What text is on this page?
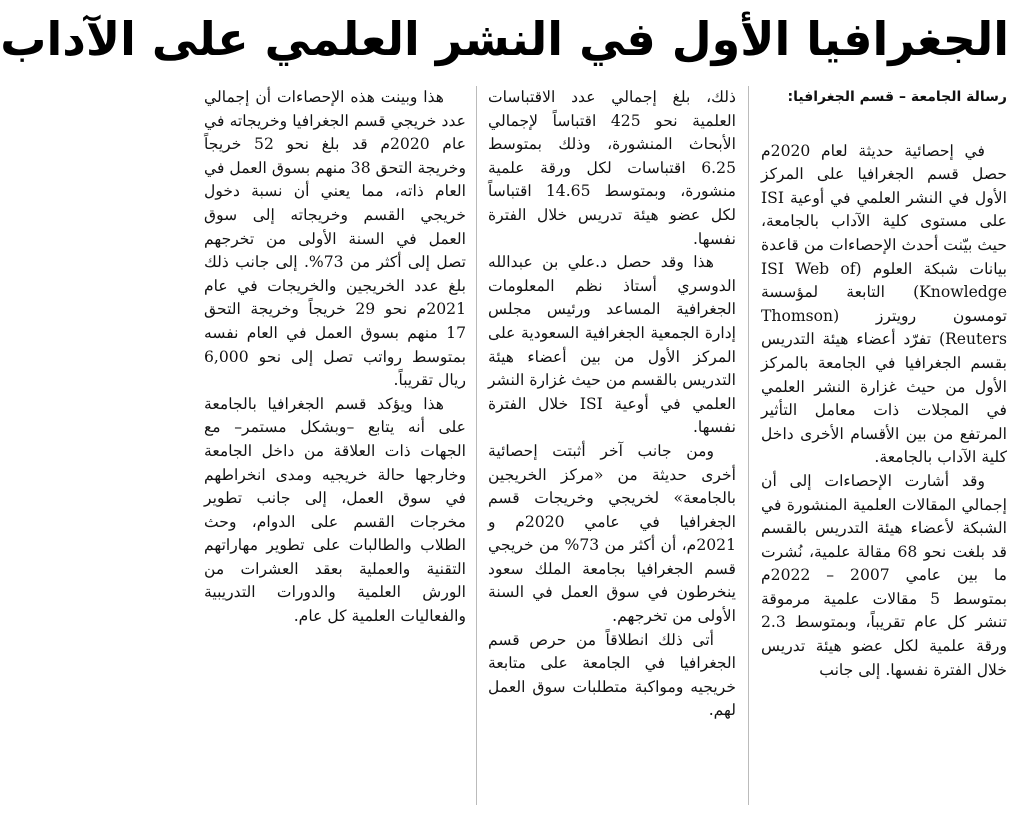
الجغرافيا الأول في النشر العلمي على الآداب

رسالة الجامعة – قسم الجغرافيا:

في إحصائية حديثة لعام 2020م حصل قسم الجغرافيا على المركز الأول في النشر العلمي في أوعية ISI على مستوى كلية الآداب بالجامعة، حيث بيّنت أحدث الإحصاءات من قاعدة بيانات شبكة العلوم (ISI Web of Knowledge) التابعة لمؤسسة تومسون رويترز (Thomson Reuters) تفرّد أعضاء هيئة التدريس بقسم الجغرافيا في الجامعة بالمركز الأول من حيث غزارة النشر العلمي في المجلات ذات معامل التأثير المرتفع من بين الأقسام الأخرى داخل كلية الآداب بالجامعة.

وقد أشارت الإحصاءات إلى أن إجمالي المقالات العلمية المنشورة في الشبكة لأعضاء هيئة التدريس بالقسم قد بلغت نحو 68 مقالة علمية، نُشرت ما بين عامي 2007 – 2022م بمتوسط 5 مقالات علمية مرموقة تنشر كل عام تقريباً، وبمتوسط 2.3 ورقة علمية لكل عضو هيئة تدريس خلال الفترة نفسها. إلى جانب

ذلك، بلغ إجمالي عدد الاقتباسات العلمية نحو 425 اقتباساً لإجمالي الأبحاث المنشورة، وذلك بمتوسط 6.25 اقتباسات لكل ورقة علمية منشورة، وبمتوسط 14.65 اقتباساً لكل عضو هيئة تدريس خلال الفترة نفسها.

هذا وقد حصل د.علي بن عبدالله الدوسري أستاذ نظم المعلومات الجغرافية المساعد ورئيس مجلس إدارة الجمعية الجغرافية السعودية على المركز الأول من بين أعضاء هيئة التدريس بالقسم من حيث غزارة النشر العلمي في أوعية ISI خلال الفترة نفسها.

ومن جانب آخر أثبتت إحصائية أخرى حديثة من «مركز الخريجين بالجامعة» لخريجي وخريجات قسم الجغرافيا في عامي 2020م و 2021م، أن أكثر من 73% من خريجي قسم الجغرافيا بجامعة الملك سعود ينخرطون في سوق العمل في السنة الأولى من تخرجهم.

أتى ذلك انطلاقاً من حرص قسم الجغرافيا في الجامعة على متابعة خريجيه ومواكبة متطلبات سوق العمل لهم.

هذا وبينت هذه الإحصاءات أن إجمالي عدد خريجي قسم الجغرافيا وخريجاته في عام 2020م قد بلغ نحو 52 خريجاً وخريجة التحق 38 منهم بسوق العمل في العام ذاته، مما يعني أن نسبة دخول خريجي القسم وخريجاته إلى سوق العمل في السنة الأولى من تخرجهم تصل إلى أكثر من 73%. إلى جانب ذلك بلغ عدد الخريجين والخريجات في عام 2021م نحو 29 خريجاً وخريجة التحق 17 منهم بسوق العمل في العام نفسه بمتوسط رواتب تصل إلى نحو 6,000 ريال تقريباً.

هذا ويؤكد قسم الجغرافيا بالجامعة على أنه يتابع –وبشكل مستمر– مع الجهات ذات العلاقة من داخل الجامعة وخارجها حالة خريجيه ومدى انخراطهم في سوق العمل، إلى جانب تطوير مخرجات القسم على الدوام، وحث الطلاب والطالبات على تطوير مهاراتهم التقنية والعملية بعقد العشرات من الورش العلمية والدورات التدريبية والفعاليات العلمية كل عام.
